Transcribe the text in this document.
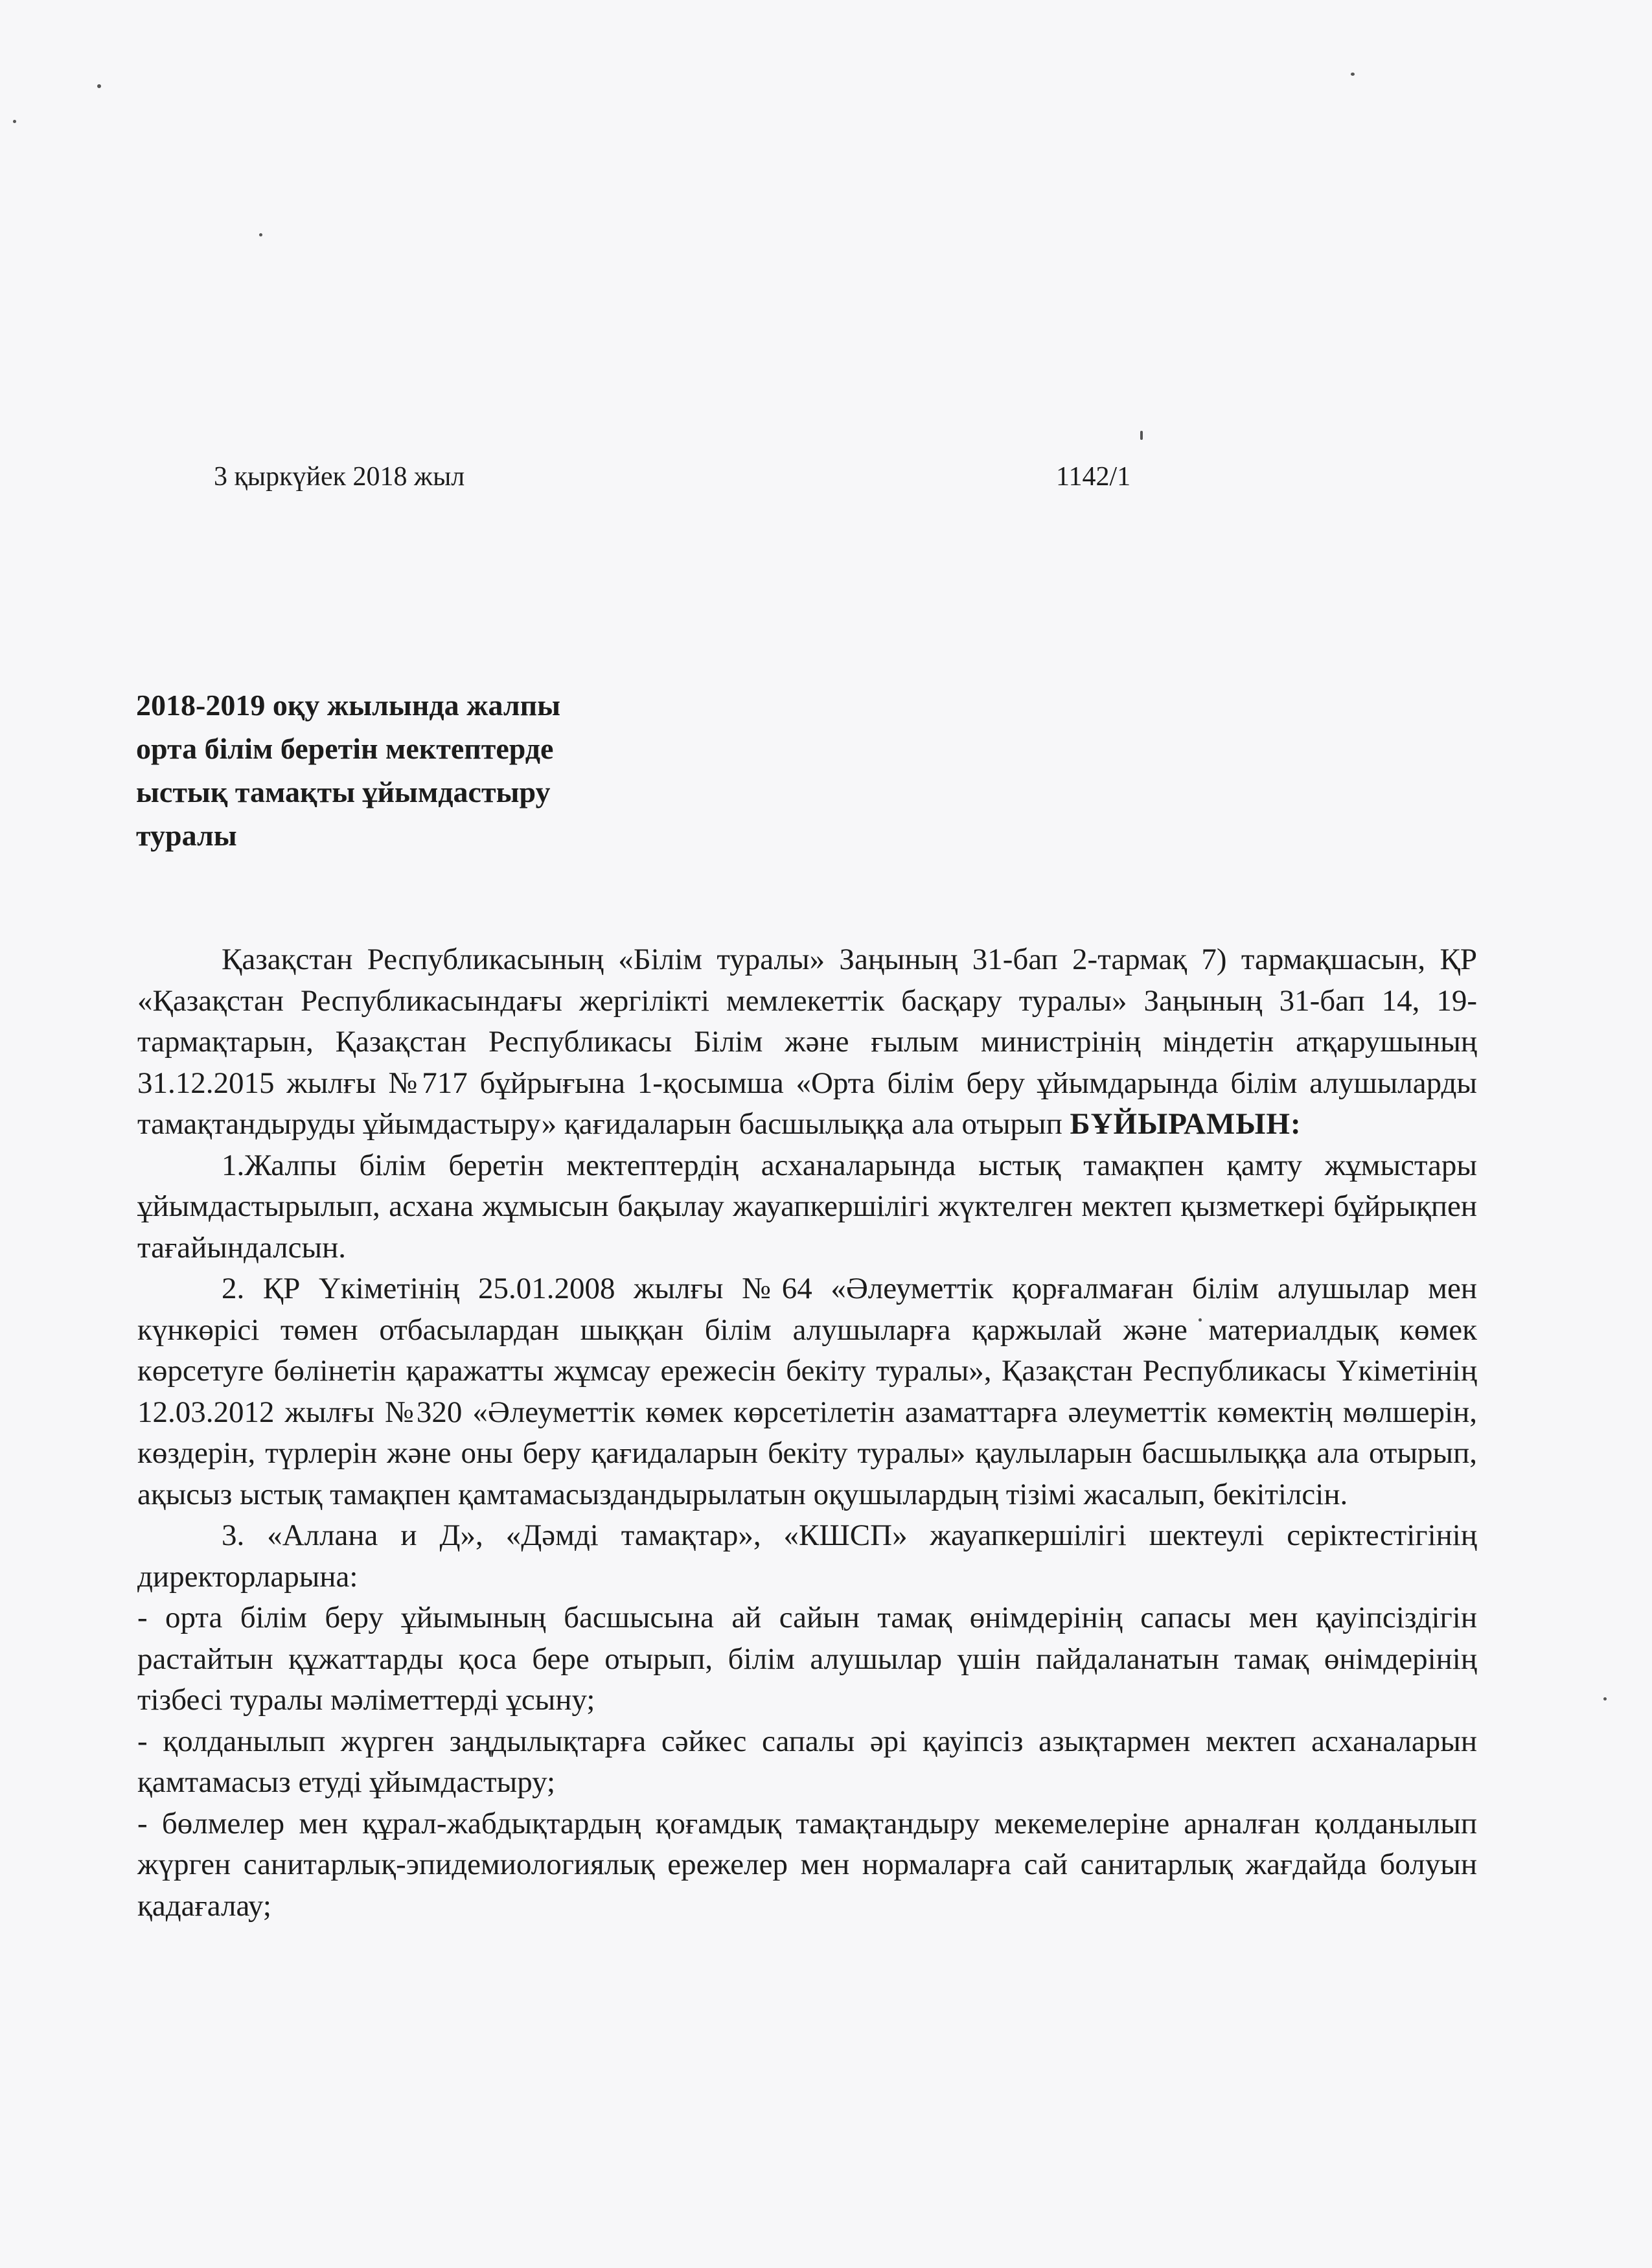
3 қыркүйек 2018 жыл	1142/1
2018-2019 оқу жылында жалпы
орта білім беретін мектептерде
ыстық тамақты ұйымдастыру
туралы

Қазақстан Республикасының «Білім туралы» Заңының 31-бап 2-тармақ 7) тармақшасын, ҚР «Қазақстан Республикасындағы жергілікті мемлекеттік басқару туралы» Заңының 31-бап 14, 19-тармақтарын, Қазақстан Республикасы Білім және ғылым министрінің міндетін атқарушының 31.12.2015 жылғы №717 бұйрығына 1-қосымша «Орта білім беру ұйымдарында білім алушыларды тамақтандыруды ұйымдастыру» қағидаларын басшылыққа ала отырып БҰЙЫРАМЫН:

1.Жалпы білім беретін мектептердің асханаларында ыстық тамақпен қамту жұмыстары ұйымдастырылып, асхана жұмысын бақылау жауапкершілігі жүктелген мектеп қызметкері бұйрықпен тағайындалсын.

2. ҚР Үкіметінің 25.01.2008 жылғы №64 «Әлеуметтік қорғалмаған білім алушылар мен күнкөрісі төмен отбасылардан шыққан білім алушыларға қаржылай және материалдық көмек көрсетуге бөлінетін қаражатты жұмсау ережесін бекіту туралы», Қазақстан Республикасы Үкіметінің 12.03.2012 жылғы №320 «Әлеуметтік көмек көрсетілетін азаматтарға әлеуметтік көмектің мөлшерін, көздерін, түрлерін және оны беру қағидаларын бекіту туралы» қаулыларын басшылыққа ала отырып, ақысыз ыстық тамақпен қамтамасыздандырылатын оқушылардың тізімі жасалып, бекітілсін.

3. «Аллана и Д», «Дәмді тамақтар», «КШСП» жауапкершілігі шектеулі серіктестігінің директорларына:

- орта білім беру ұйымының басшысына ай сайын тамақ өнімдерінің сапасы мен қауіпсіздігін растайтын құжаттарды қоса бере отырып, білім алушылар үшін пайдаланатын тамақ өнімдерінің тізбесі туралы мәліметтерді ұсыну;

- қолданылып жүрген заңдылықтарға сәйкес сапалы әрі қауіпсіз азықтармен мектеп асханаларын қамтамасыз етуді ұйымдастыру;

- бөлмелер мен құрал-жабдықтардың қоғамдық тамақтандыру мекемелеріне арналған қолданылып жүрген санитарлық-эпидемиологиялық ережелер мен нормаларға сай санитарлық жағдайда болуын қадағалау;
